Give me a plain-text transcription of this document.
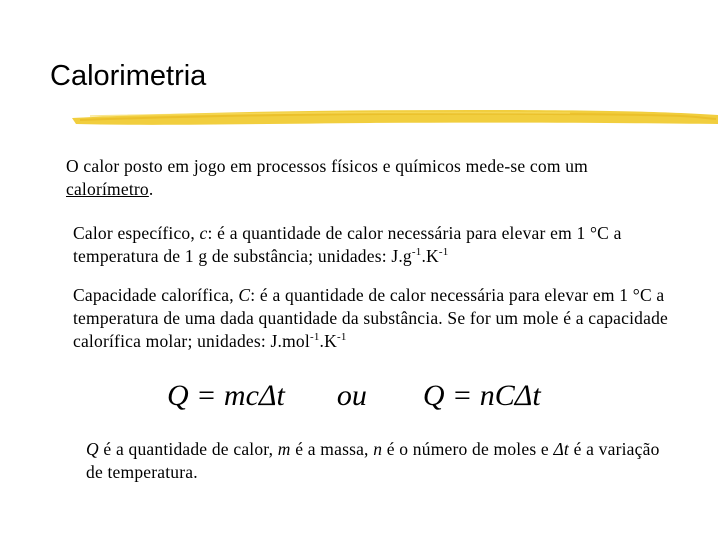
Calorimetria
O calor posto em jogo em processos físicos e químicos mede-se com um
calorímetro.
Calor específico, c: é a quantidade de calor necessária para elevar em 1 °C a temperatura de 1 g de substância; unidades: $J.g^{-1}.K^{-1}$
Capacidade calorífica, C: é a quantidade de calor necessária para elevar em 1 °C a temperatura de uma dada quantidade da substância. Se for um mole é a capacidade calorífica molar; unidades: $J.mol^{-1}.K^{-1}$
Q = mcΔt ou Q = nCΔt
Q é a quantidade de calor, m é a massa, n é o número de moles e Δt é a variação de temperatura.
